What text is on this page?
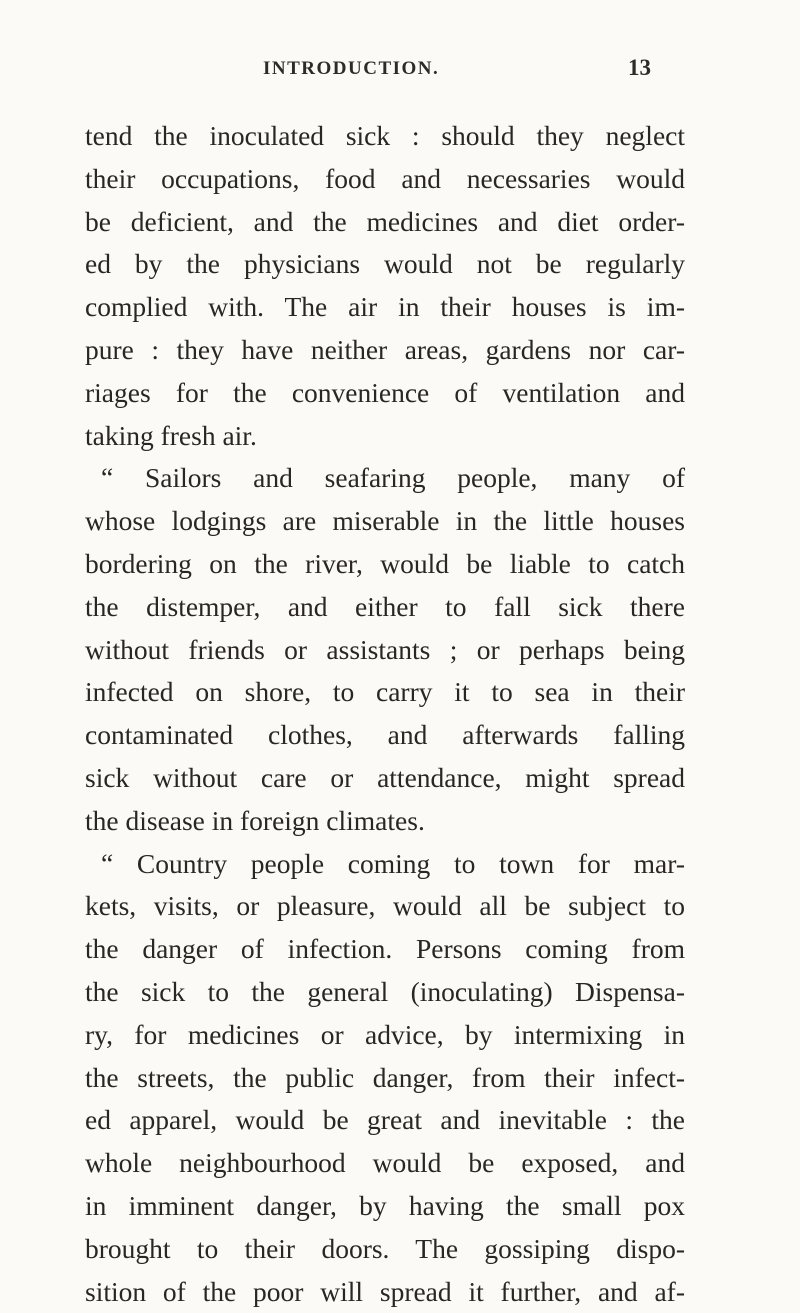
INTRODUCTION.	13
tend the inoculated sick : should they neglect
their occupations, food and necessaries would
be deficient, and the medicines and diet order-
ed by the physicians would not be regularly
complied with. The air in their houses is im-
pure : they have neither areas, gardens nor car-
riages for the convenience of ventilation and
taking fresh air.
“ Sailors and seafaring people, many of
whose lodgings are miserable in the little houses
bordering on the river, would be liable to catch
the distemper, and either to fall sick there
without friends or assistants ; or perhaps being
infected on shore, to carry it to sea in their
contaminated clothes, and afterwards falling
sick without care or attendance, might spread
the disease in foreign climates.
“ Country people coming to town for mar-
kets, visits, or pleasure, would all be subject to
the danger of infection. Persons coming from
the sick to the general (inoculating) Dispensa-
ry, for medicines or advice, by intermixing in
the streets, the public danger, from their infect-
ed apparel, would be great and inevitable : the
whole neighbourhood would be exposed, and
in imminent danger, by having the small pox
brought to their doors. The gossiping dispo-
sition of the poor will spread it further, and af-
